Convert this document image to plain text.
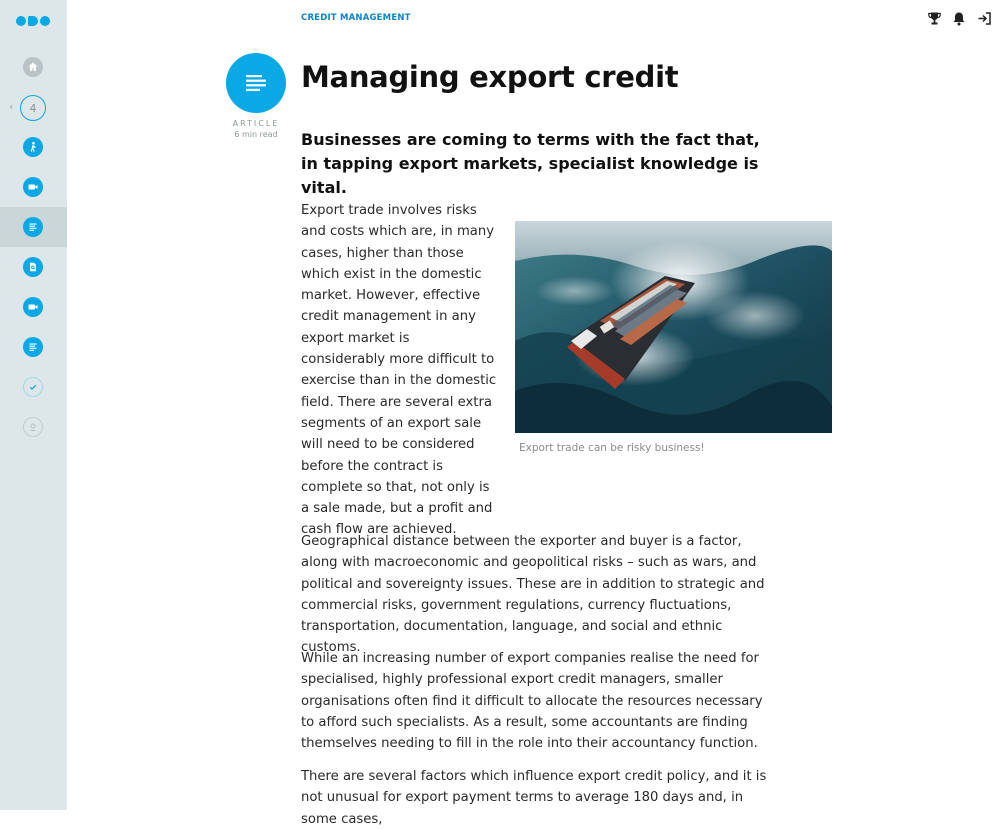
‹	4
CREDIT MANAGEMENT
ARTICLE
6 min read
Managing export credit

Businesses are coming to terms with the fact that, in tapping export markets, specialist knowledge is vital.

Export trade involves risks and costs which are, in many cases, higher than those which exist in the domestic market. However, effective credit management in any export market is considerably more difficult to exercise than in the domestic field. There are several extra segments of an export sale will need to be considered before the contract is complete so that, not only is a sale made, but a profit and cash flow are achieved.

Export trade can be risky business!

Geographical distance between the exporter and buyer is a factor, along with macroeconomic and geopolitical risks – such as wars, and political and sovereignty issues. These are in addition to strategic and commercial risks, government regulations, currency fluctuations, transportation, documentation, language, and social and ethnic customs.

While an increasing number of export companies realise the need for specialised, highly professional export credit managers, smaller organisations often find it difficult to allocate the resources necessary to afford such specialists. As a result, some accountants are finding themselves needing to fill in the role into their accountancy function.

There are several factors which influence export credit policy, and it is not unusual for export payment terms to average 180 days and, in some cases,
